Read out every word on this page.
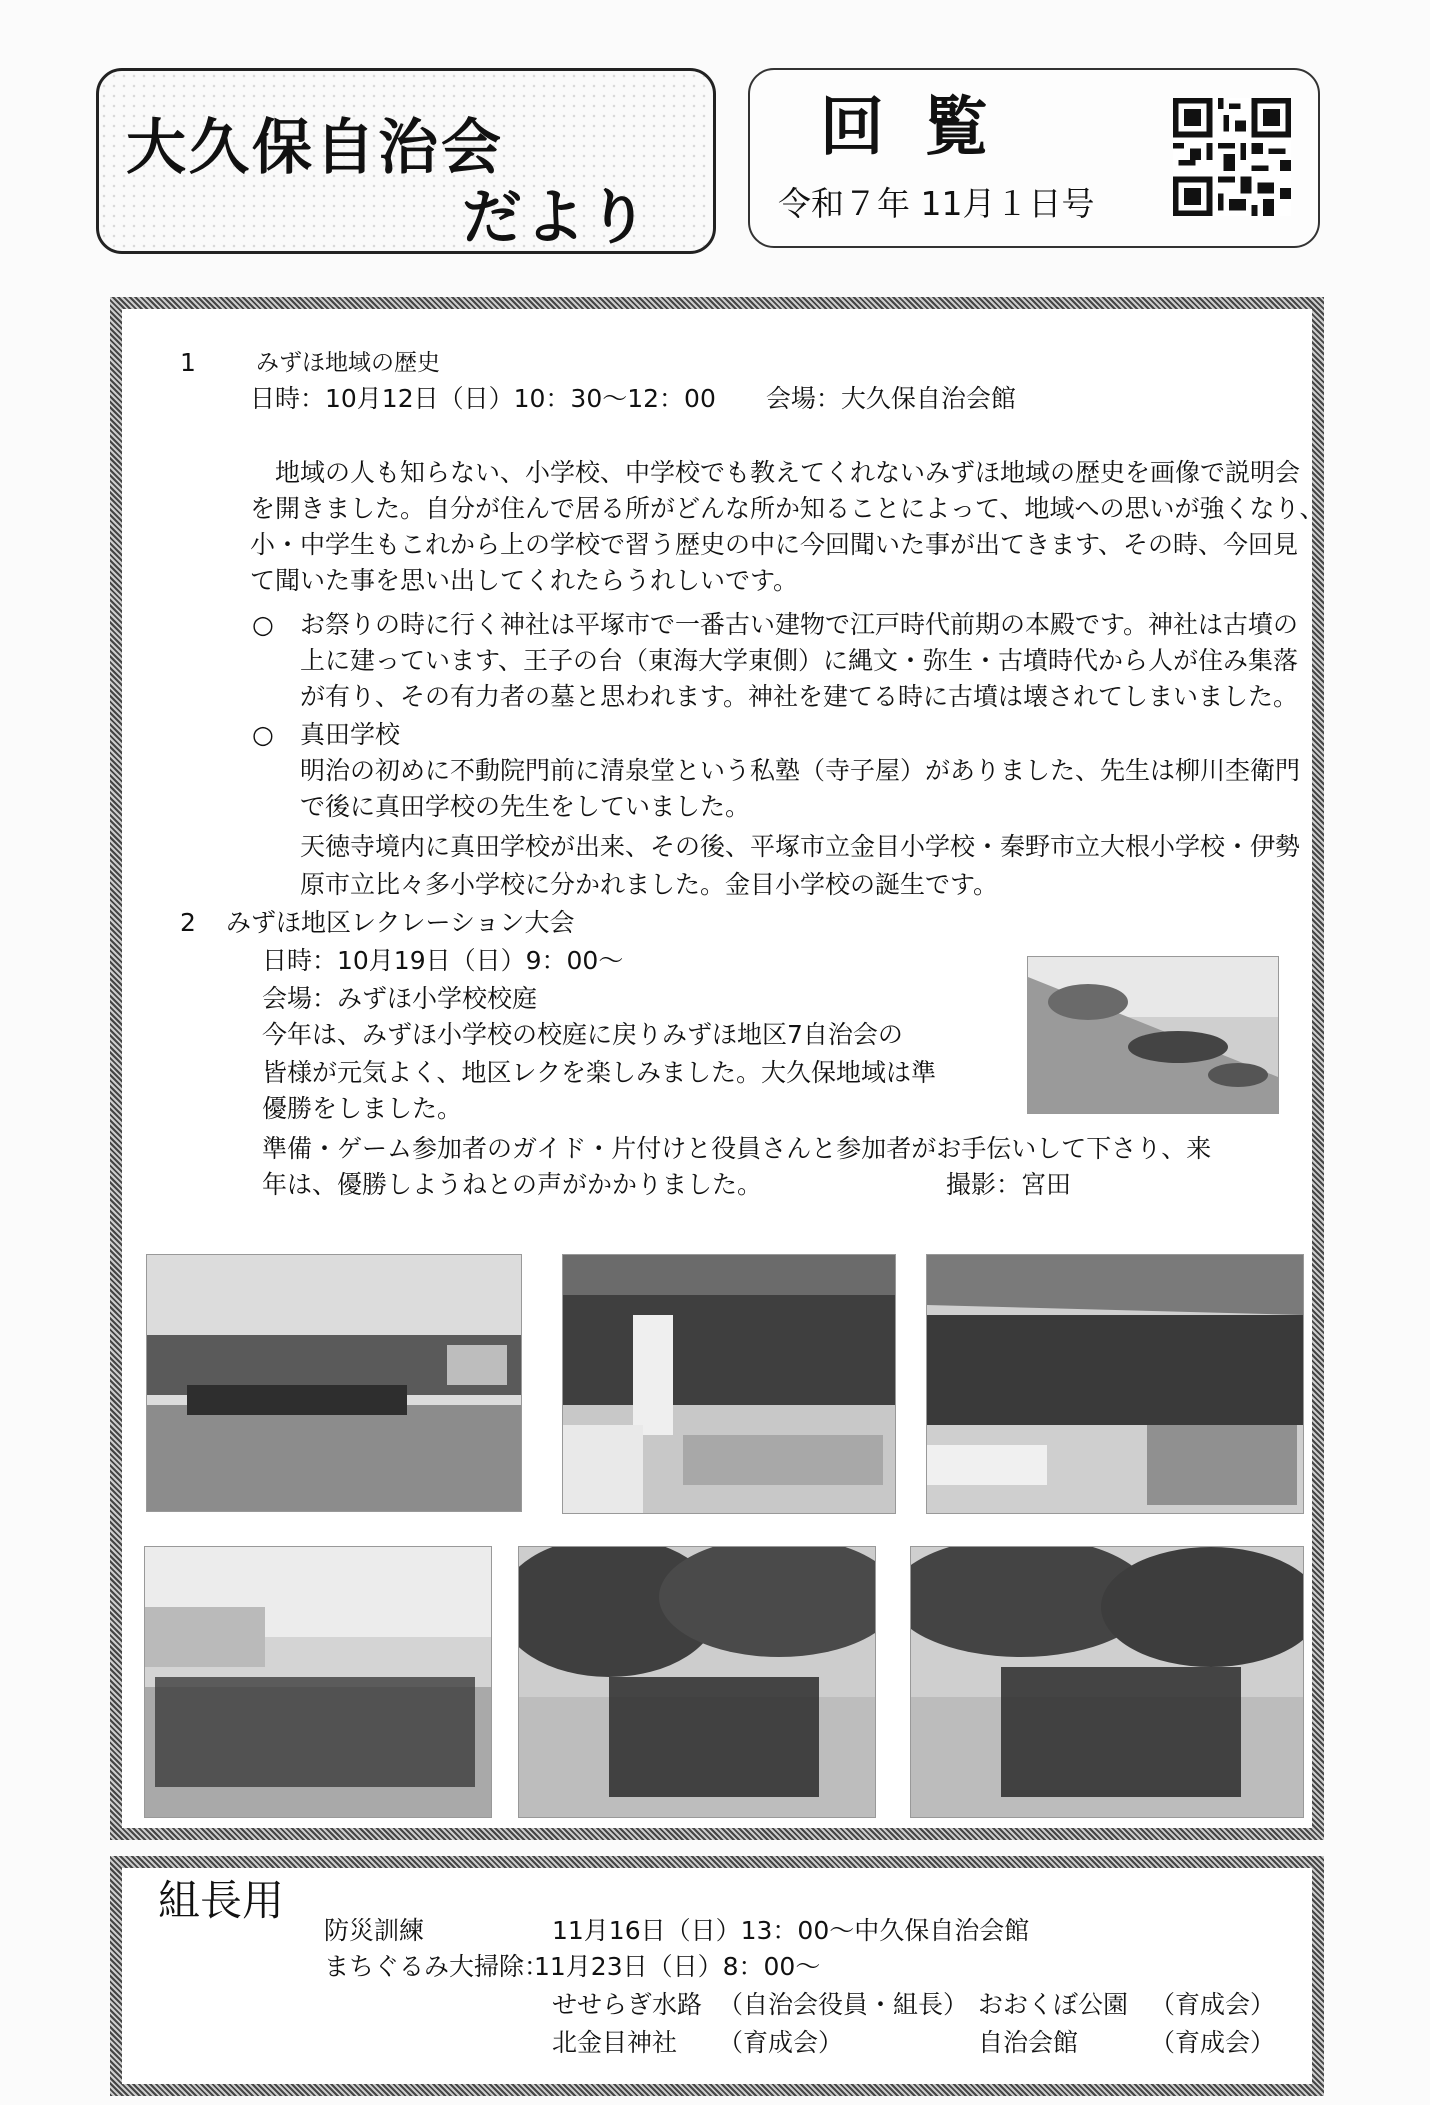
大久保自治会
だより
回覧
令和７年 11月１日号
1	みずほ地域の歴史
日時：10月12日（日）10：30〜12：00　　会場：大久保自治会館
　地域の人も知らない、小学校、中学校でも教えてくれないみずほ地域の歴史を画像で説明会
を開きました。自分が住んで居る所がどんな所か知ることによって、地域への思いが強くなり、
小・中学生もこれから上の学校で習う歴史の中に今回聞いた事が出てきます、その時、今回見
て聞いた事を思い出してくれたらうれしいです。
○ お祭りの時に行く神社は平塚市で一番古い建物で江戸時代前期の本殿です。神社は古墳の
上に建っています、王子の台（東海大学東側）に縄文・弥生・古墳時代から人が住み集落
が有り、その有力者の墓と思われます。神社を建てる時に古墳は壊されてしまいました。
○ 真田学校
明治の初めに不動院門前に清泉堂という私塾（寺子屋）がありました、先生は柳川杢衛門
で後に真田学校の先生をしていました。
天徳寺境内に真田学校が出来、その後、平塚市立金目小学校・秦野市立大根小学校・伊勢
原市立比々多小学校に分かれました。金目小学校の誕生です。
2 みずほ地区レクレーション大会
日時：10月19日（日）9：00〜
会場：みずほ小学校校庭
今年は、みずほ小学校の校庭に戻りみずほ地区7自治会の
皆様が元気よく、地区レクを楽しみました。大久保地域は準
優勝をしました。
準備・ゲーム参加者のガイド・片付けと役員さんと参加者がお手伝いして下さり、来
年は、優勝しようねとの声がかかりました。	撮影：宮田
組長用
防災訓練	11月16日（日）13：00〜中久保自治会館
まちぐるみ大掃除：
11月23日（日）8：00〜
せせらぎ水路 （自治会役員・組長） おおくぼ公園 （育成会）
北金目神社 （育成会）	自治会館	（育成会）
